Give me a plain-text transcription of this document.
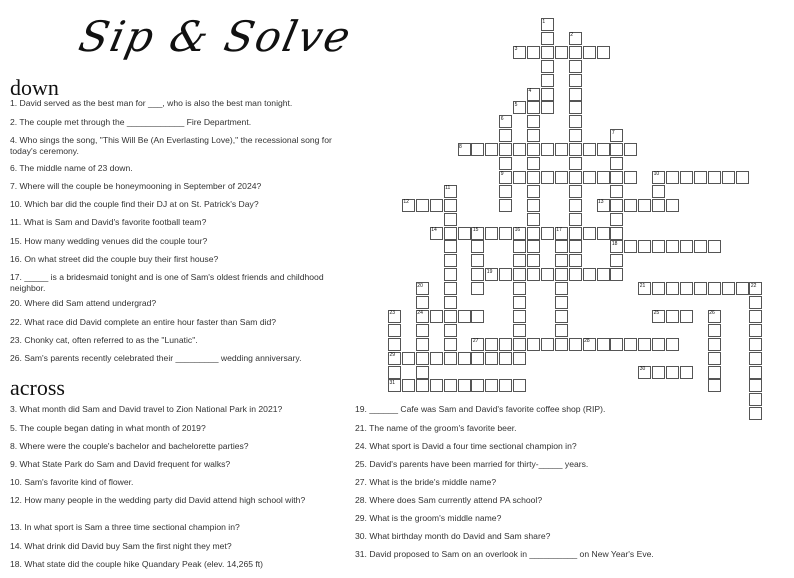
Sip & Solve
down
1. David served as the best man for ___, who is also the best man tonight.
2. The couple met through the ____________ Fire Department.
4. Who sings the song, "This Will Be (An Everlasting Love)," the recessional song for today's ceremony.
6. The middle name of 23 down.
7. Where will the couple be honeymooning in September of 2024?
10. Which bar did the couple find their DJ at on St. Patrick's Day?
11. What is Sam and David's favorite football team?
15. How many wedding venues did the couple tour?
16. On what street did the couple buy their first house?
17. _____ is a bridesmaid tonight and is one of Sam's oldest friends and childhood neighbor.
20. Where did Sam attend undergrad?
22. What race did David complete an entire hour faster than Sam did?
23. Chonky cat, often referred to as the "Lunatic".
26. Sam's parents recently celebrated their _________ wedding anniversary.
across
3. What month did Sam and David travel to Zion National Park in 2021?
5. The couple began dating in what month of 2019?
8. Where were the couple's bachelor and bachelorette parties?
9. What State Park do Sam and David frequent for walks?
10. Sam's favorite kind of flower.
12. How many people in the wedding party did David attend high school with?
13. In what sport is Sam a three time sectional champion in?
14. What drink did David buy Sam the first night they met?
18. What state did the couple hike Quandary Peak (elev. 14,265 ft)
19. ______ Cafe was Sam and David's favorite coffee shop (RIP).
21. The name of the groom's favorite beer.
24. What sport is David a four time sectional champion in?
25. David's parents have been married for thirty-_____ years.
27. What is the bride's middle name?
28. Where does Sam currently attend PA school?
29. What is the groom's middle name?
30. What birthday month do David and Sam share?
31. David proposed to Sam on an overlook in __________ on New Year's Eve.
1
2
3
4
5
6
7
8
9	10
11
12	13
14	15	16	17
18
19
20	21	22
23	24	25	26
27	28
29
30
31
